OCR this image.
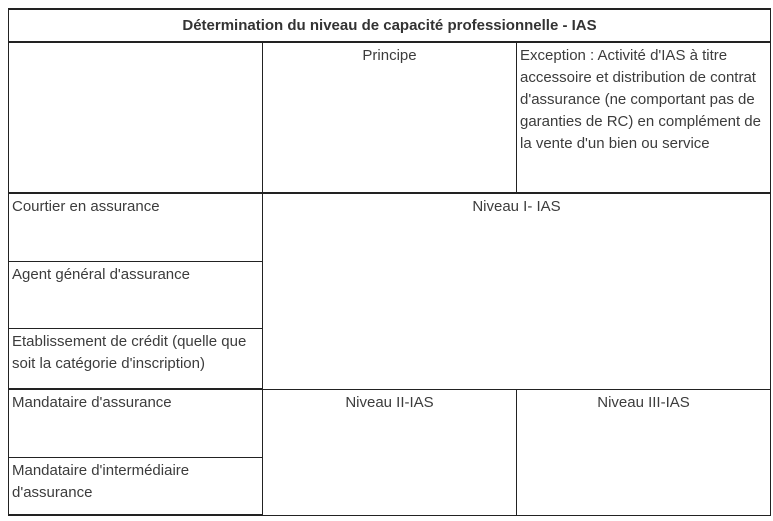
Détermination du niveau de capacité professionnelle - IAS		
	Principe	Exception : Activité d'IAS à titre accessoire et distribution de contrat d'assurance (ne comportant pas de garanties de RC) en complément de la vente d'un bien ou service
Courtier en assurance	Niveau I- IAS	
Agent général d'assurance		
Etablissement de crédit (quelle que soit la catégorie d'inscription)		
Mandataire d'assurance	Niveau II-IAS	Niveau III-IAS
Mandataire d'intermédiaire d'assurance		
